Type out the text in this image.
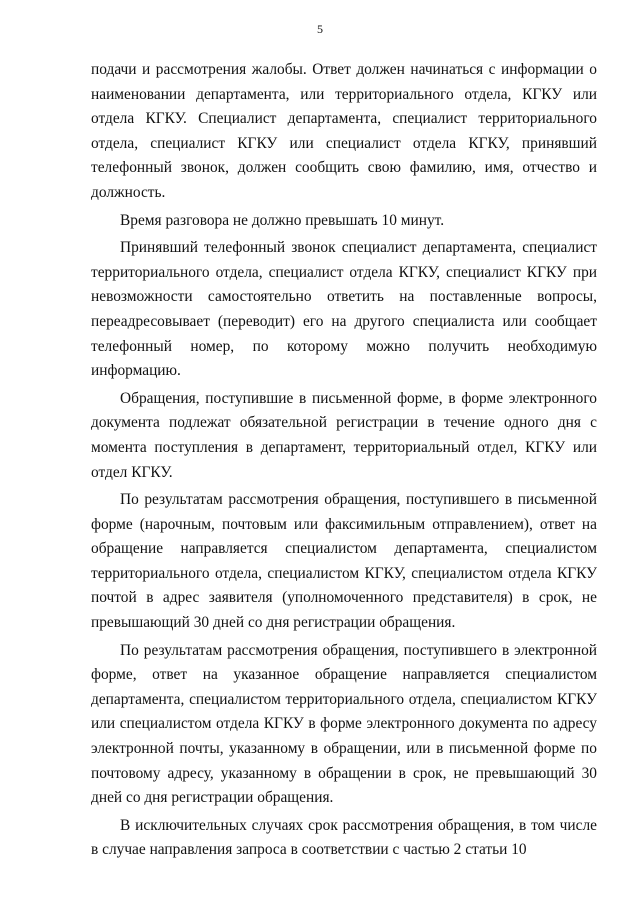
5

подачи и рассмотрения жалобы. Ответ должен начинаться с информации о наименовании департамента, или территориального отдела, КГКУ или отдела КГКУ. Специалист департамента, специалист территориального отдела, специалист КГКУ или специалист отдела КГКУ, принявший телефонный звонок, должен сообщить свою фамилию, имя, отчество и должность.

Время разговора не должно превышать 10 минут.

Принявший телефонный звонок специалист департамента, специалист территориального отдела, специалист отдела КГКУ, специалист КГКУ при невозможности самостоятельно ответить на поставленные вопросы, переадресовывает (переводит) его на другого специалиста или сообщает телефонный номер, по которому можно получить необходимую информацию.

Обращения, поступившие в письменной форме, в форме электронного документа подлежат обязательной регистрации в течение одного дня с момента поступления в департамент, территориальный отдел, КГКУ или отдел КГКУ.

По результатам рассмотрения обращения, поступившего в письменной форме (нарочным, почтовым или факсимильным отправлением), ответ на обращение направляется специалистом департамента, специалистом территориального отдела, специалистом КГКУ, специалистом отдела КГКУ почтой в адрес заявителя (уполномоченного представителя) в срок, не превышающий 30 дней со дня регистрации обращения.

По результатам рассмотрения обращения, поступившего в электронной форме, ответ на указанное обращение направляется специалистом департамента, специалистом территориального отдела, специалистом КГКУ или специалистом отдела КГКУ в форме электронного документа по адресу электронной почты, указанному в обращении, или в письменной форме по почтовому адресу, указанному в обращении в срок, не превышающий 30 дней со дня регистрации обращения.

В исключительных случаях срок рассмотрения обращения, в том числе в случае направления запроса в соответствии с частью 2 статьи 10
